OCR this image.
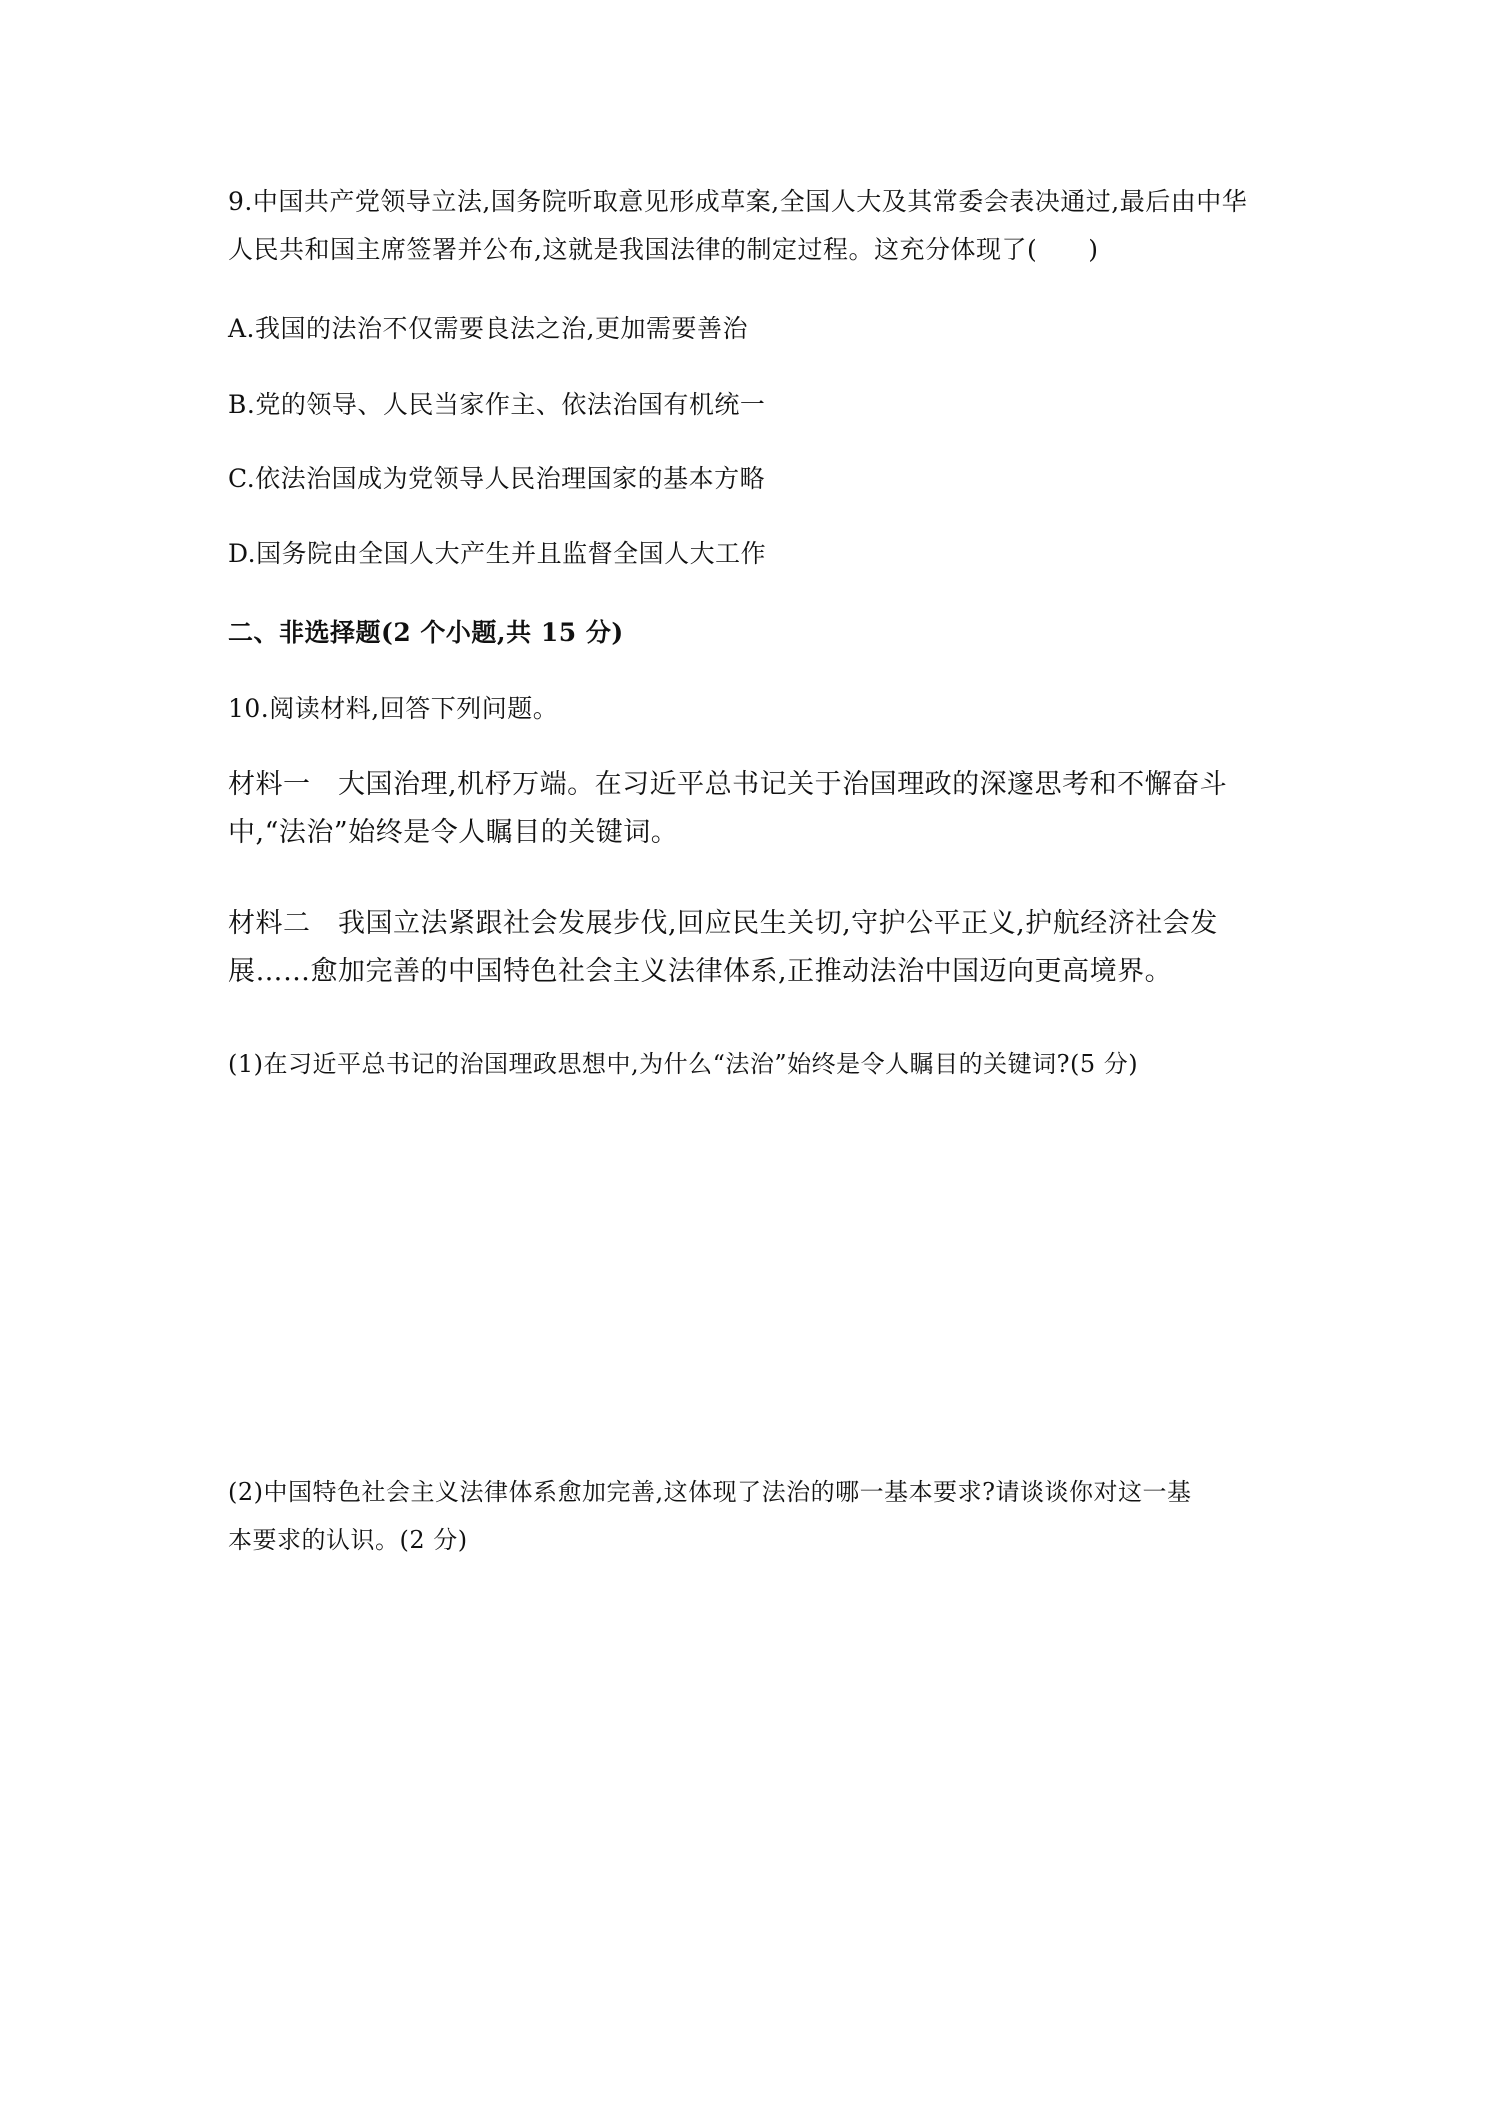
9.中国共产党领导立法,国务院听取意见形成草案,全国人大及其常委会表决通过,最后由中华
人民共和国主席签署并公布,这就是我国法律的制定过程。这充分体现了(　　)
A.我国的法治不仅需要良法之治,更加需要善治
B.党的领导、人民当家作主、依法治国有机统一
C.依法治国成为党领导人民治理国家的基本方略
D.国务院由全国人大产生并且监督全国人大工作
二、非选择题(2 个小题,共 15 分)
10.阅读材料,回答下列问题。
材料一　大国治理,机杼万端。在习近平总书记关于治国理政的深邃思考和不懈奋斗
中,“法治”始终是令人瞩目的关键词。
材料二　我国立法紧跟社会发展步伐,回应民生关切,守护公平正义,护航经济社会发
展……愈加完善的中国特色社会主义法律体系,正推动法治中国迈向更高境界。
(1)在习近平总书记的治国理政思想中,为什么“法治”始终是令人瞩目的关键词?(5 分)
(2)中国特色社会主义法律体系愈加完善,这体现了法治的哪一基本要求?请谈谈你对这一基
本要求的认识。(2 分)
